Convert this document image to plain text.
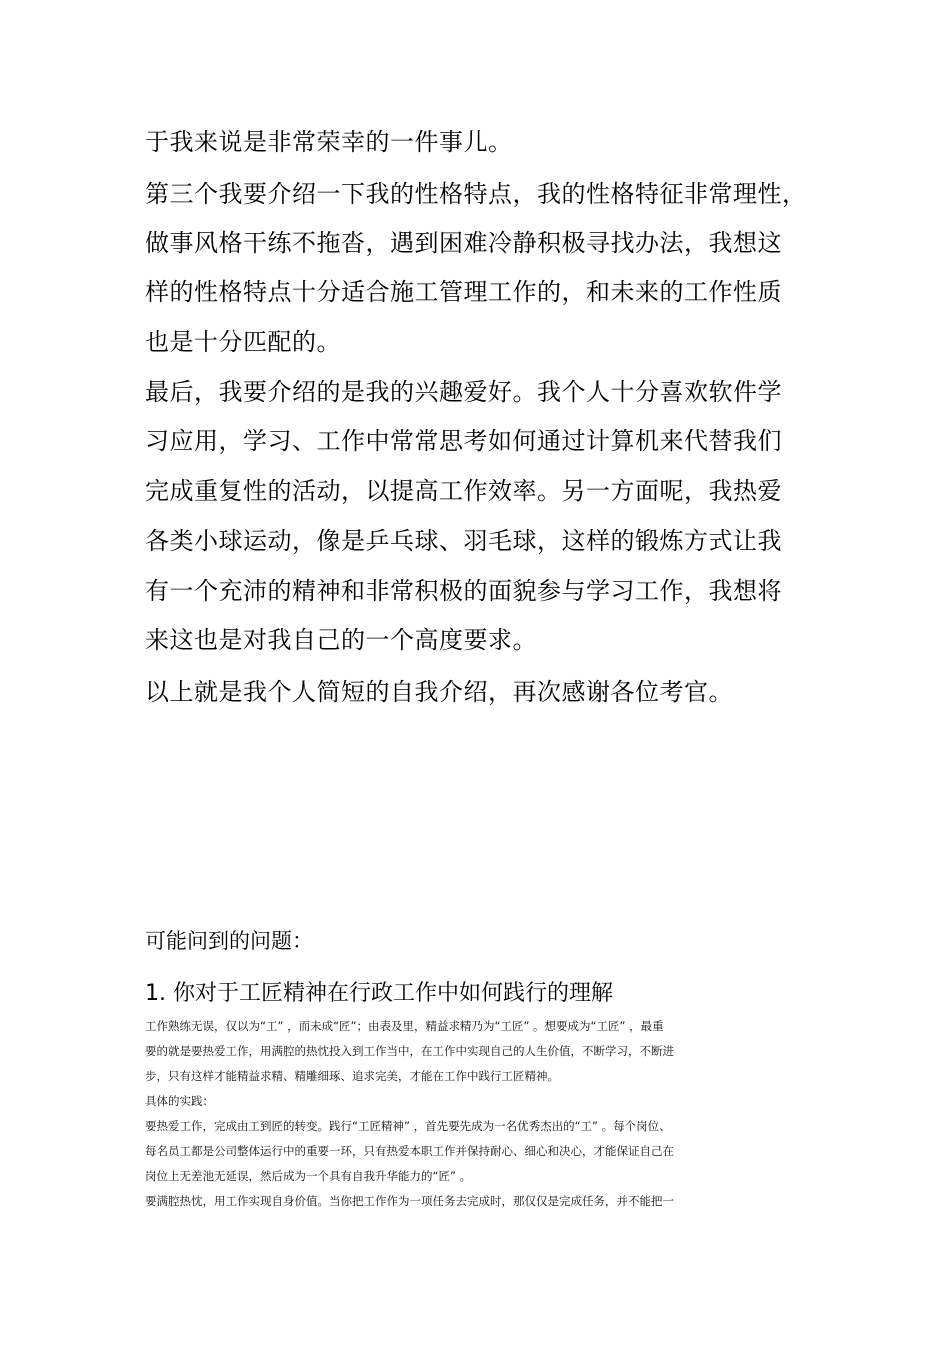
于我来说是非常荣幸的一件事儿。
第三个我要介绍一下我的性格特点，我的性格特征非常理性，
做事风格干练不拖沓，遇到困难冷静积极寻找办法，我想这
样的性格特点十分适合施工管理工作的，和未来的工作性质
也是十分匹配的。
最后，我要介绍的是我的兴趣爱好。我个人十分喜欢软件学
习应用，学习、工作中常常思考如何通过计算机来代替我们
完成重复性的活动，以提高工作效率。另一方面呢，我热爱
各类小球运动，像是乒乓球、羽毛球，这样的锻炼方式让我
有一个充沛的精神和非常积极的面貌参与学习工作，我想将
来这也是对我自己的一个高度要求。
以上就是我个人简短的自我介绍，再次感谢各位考官。
可能问到的问题：
1. 你对于工匠精神在行政工作中如何践行的理解
工作熟练无误，仅以为“工” ，而未成“匠”；由表及里，精益求精乃为“工匠” 。想要成为“工匠” ，最重
要的就是要热爱工作，用满腔的热忱投入到工作当中，在工作中实现自己的人生价值，不断学习，不断进
步，只有这样才能精益求精、精雕细琢、追求完美，才能在工作中践行工匠精神。
具体的实践：
要热爱工作，完成由工到匠的转变。践行“工匠精神” ，首先要先成为一名优秀杰出的“工” 。每个岗位、
每名员工都是公司整体运行中的重要一环，只有热爱本职工作并保持耐心、细心和决心，才能保证自己在
岗位上无差池无延误，然后成为一个具有自我升华能力的“匠” 。
要满腔热忱，用工作实现自身价值。当你把工作作为一项任务去完成时，那仅仅是完成任务，并不能把一
